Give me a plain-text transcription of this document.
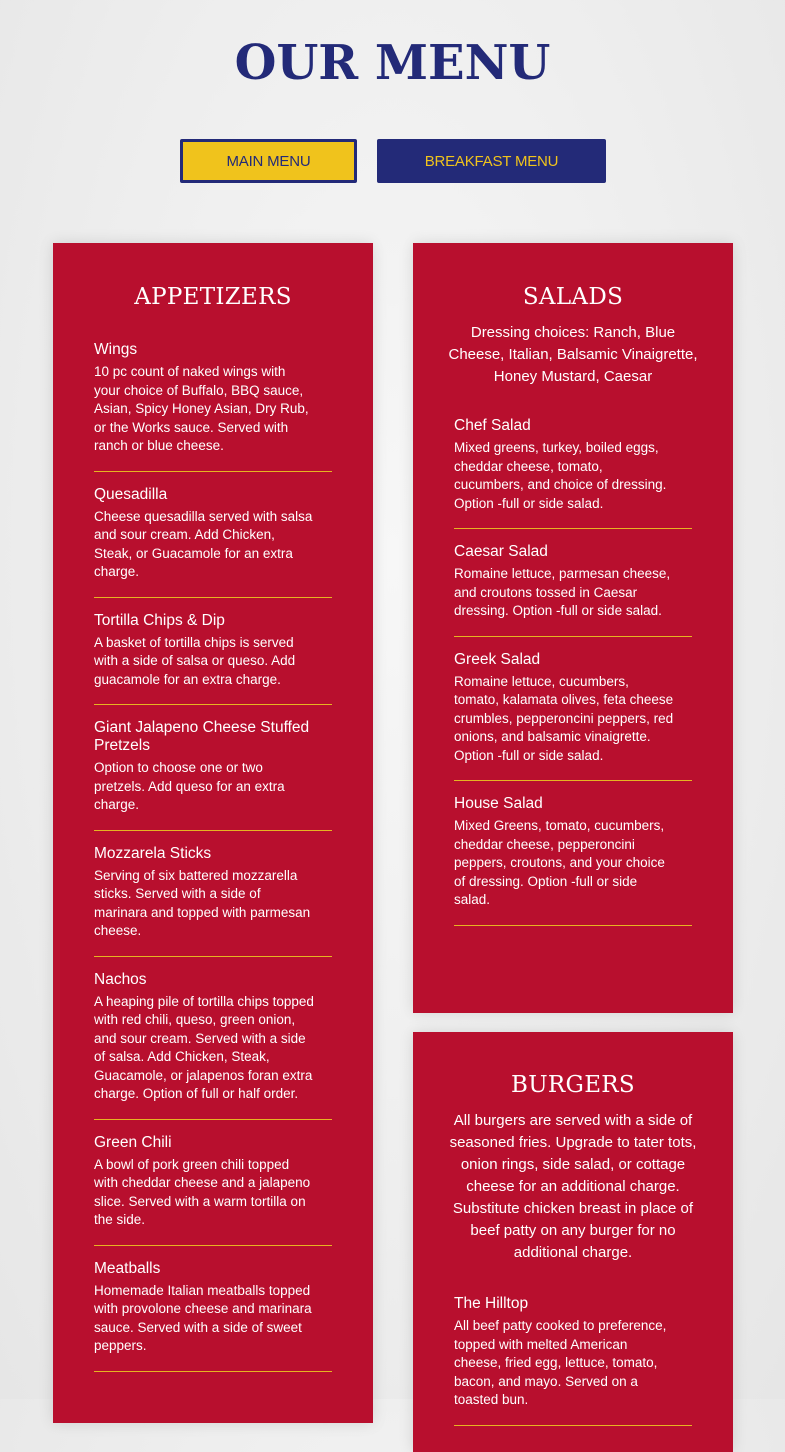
OUR MENU
MAIN MENU	BREAKFAST MENU
APPETIZERS
Wings
10 pc count of naked wings with your choice of Buffalo, BBQ sauce, Asian, Spicy Honey Asian, Dry Rub, or the Works sauce. Served with ranch or blue cheese.
Quesadilla
Cheese quesadilla served with salsa and sour cream. Add Chicken, Steak, or Guacamole for an extra charge.
Tortilla Chips & Dip
A basket of tortilla chips is served with a side of salsa or queso. Add guacamole for an extra charge.
Giant Jalapeno Cheese Stuffed Pretzels
Option to choose one or two pretzels. Add queso for an extra charge.
Mozzarela Sticks
Serving of six battered mozzarella sticks. Served with a side of marinara and topped with parmesan cheese.
Nachos
A heaping pile of tortilla chips topped with red chili, queso, green onion, and sour cream. Served with a side of salsa. Add Chicken, Steak, Guacamole, or jalapenos foran extra charge. Option of full or half order.
Green Chili
A bowl of pork green chili topped with cheddar cheese and a jalapeno slice. Served with a warm tortilla on the side.
Meatballs
Homemade Italian meatballs topped with provolone cheese and marinara sauce. Served with a side of sweet peppers.
SALADS
Dressing choices: Ranch, Blue Cheese, Italian, Balsamic Vinaigrette, Honey Mustard, Caesar
Chef Salad
Mixed greens, turkey, boiled eggs, cheddar cheese, tomato, cucumbers, and choice of dressing. Option -full or side salad.
Caesar Salad
Romaine lettuce, parmesan cheese, and croutons tossed in Caesar dressing. Option -full or side salad.
Greek Salad
Romaine lettuce, cucumbers, tomato, kalamata olives, feta cheese crumbles, pepperoncini peppers, red onions, and balsamic vinaigrette. Option -full or side salad.
House Salad
Mixed Greens, tomato, cucumbers, cheddar cheese, pepperoncini peppers, croutons, and your choice of dressing. Option -full or side salad.
BURGERS
All burgers are served with a side of seasoned fries. Upgrade to tater tots, onion rings, side salad, or cottage cheese for an additional charge. Substitute chicken breast in place of beef patty on any burger for no additional charge.
The Hilltop
All beef patty cooked to preference, topped with melted American cheese, fried egg, lettuce, tomato, bacon, and mayo. Served on a toasted bun.
